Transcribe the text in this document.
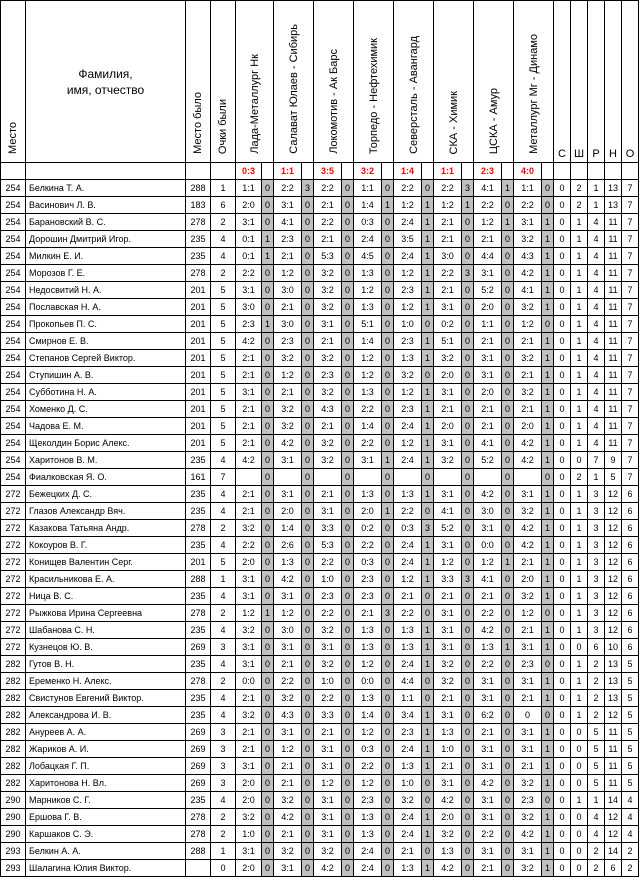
Место	Фамилия,
имя, отчество	Место было	Очки были	Лада-Металлург Нк		Салават Юлаев - Сибирь		Локомотив - Ак Барс		Торпедо - Нефтехимик		Северсталь - Авангард		СКА - Химик		ЦСКА - Амур		Металлург Мг - Динамо		С	Ш	Р	Н	О
				0:3		1:1		3:5		3:2		1:4		1:1		2:3		4:0						
254	Белкина Т. А.	288	1	1:1	0	2:2	3	2:2	0	1:1	0	2:2	0	2:2	3	4:1	1	1:1	0	0	2	1	13	7
254	Васинович Л. В.	183	6	2:0	0	3:1	0	2:1	0	1:4	1	1:2	1	1:2	1	2:2	0	2:2	0	0	2	1	13	7
254	Барановский В. С.	278	2	3:1	0	4:1	0	2:2	0	0:3	0	2:4	1	2:1	0	1:2	1	3:1	1	0	1	4	11	7
254	Дорошин Дмитрий Игор.	235	4	0:1	1	2:3	0	2:1	0	2:4	0	3:5	1	2:1	0	2:1	0	3:2	1	0	1	4	11	7
254	Милкин Е. И.	235	4	0:1	1	2:1	0	5:3	0	4:5	0	2:4	1	3:0	0	4:4	0	4:3	1	0	1	4	11	7
254	Морозов Г. Е.	278	2	2:2	0	1:2	0	3:2	0	1:3	0	1:2	1	2:2	3	3:1	0	4:2	1	0	1	4	11	7
254	Недосвитий Н. А.	201	5	3:1	0	3:0	0	3:2	0	1:2	0	2:3	1	2:1	0	5:2	0	4:1	1	0	1	4	11	7
254	Пославская Н. А.	201	5	3:0	0	2:1	0	3:2	0	1:3	0	1:2	1	3:1	0	2:0	0	3:2	1	0	1	4	11	7
254	Прокопьев П. С.	201	5	2:3	1	3:0	0	3:1	0	5:1	0	1:0	0	0:2	0	1:1	0	1:2	0	0	1	4	11	7
254	Смирнов Е. В.	201	5	4:2	0	2:3	0	2:1	0	1:4	0	2:3	1	5:1	0	2:1	0	2:1	1	0	1	4	11	7
254	Степанов Сергей Виктор.	201	5	2:1	0	3:2	0	3:2	0	1:2	0	1:3	1	3:2	0	3:1	0	3:2	1	0	1	4	11	7
254	Ступишин А. В.	201	5	2:1	0	1:2	0	2:3	0	1:2	0	3:2	0	2:0	0	3:1	0	2:1	1	0	1	4	11	7
254	Субботина Н. А.	201	5	3:1	0	2:1	0	3:2	0	1:3	0	1:2	1	3:1	0	2:0	0	3:2	1	0	1	4	11	7
254	Хоменко Д. С.	201	5	2:1	0	3:2	0	4:3	0	2:2	0	2:3	1	2:1	0	2:1	0	2:1	1	0	1	4	11	7
254	Чадова Е. М.	201	5	2:1	0	3:2	0	2:1	0	1:4	0	2:4	1	2:0	0	2:1	0	2:0	1	0	1	4	11	7
254	Щеколдин Борис Алекс.	201	5	2:1	0	4:2	0	3:2	0	2:2	0	1:2	1	3:1	0	4:1	0	4:2	1	0	1	4	11	7
254	Харитонов В. М.	235	4	4:2	0	3:1	0	3:2	0	3:1	1	2:4	1	3:2	0	5:2	0	4:2	1	0	0	7	9	7
254	Фиалковская Я. О.	161	7		0		0		0		0		0		0		0		0	0	2	1	5	7
272	Бежецких Д. С.	235	4	2:1	0	3:1	0	2:1	0	1:3	0	1:3	1	3:1	0	4:2	0	3:1	1	0	1	3	12	6
272	Глазов Александр Вяч.	235	4	2:1	0	2:0	0	3:1	0	2:0	1	2:2	0	4:1	0	3:0	0	3:2	1	0	1	3	12	6
272	Казакова Татьяна Андр.	278	2	3:2	0	1:4	0	3:3	0	0:2	0	0:3	3	5:2	0	3:1	0	4:2	1	0	1	3	12	6
272	Кокоуров В. Г.	235	4	2:2	0	2:6	0	5:3	0	2:2	0	2:4	1	3:1	0	0:0	0	4:2	1	0	1	3	12	6
272	Конищев Валентин Серг.	201	5	2:0	0	1:3	0	2:2	0	0:3	0	2:4	1	1:2	0	1:2	1	2:1	1	0	1	3	12	6
272	Красильникова Е. А.	288	1	3:1	0	4:2	0	1:0	0	2:3	0	1:2	1	3:3	3	4:1	0	2:0	1	0	1	3	12	6
272	Ница В. С.	235	4	3:1	0	3:1	0	2:3	0	2:3	0	2:1	0	2:1	0	2:1	0	3:2	1	0	1	3	12	6
272	Рыжкова Ирина Сергеевна	278	2	1:2	1	1:2	0	2:2	0	2:1	3	2:2	0	3:1	0	2:2	0	1:2	0	0	1	3	12	6
272	Шабанова С. Н.	235	4	3:2	0	3:0	0	3:2	0	1:3	0	1:3	1	3:1	0	4:2	0	2:1	1	0	1	3	12	6
272	Кузнецов Ю. В.	269	3	3:1	0	3:1	0	3:1	0	1:3	0	1:3	1	3:1	0	1:3	1	3:1	1	0	0	6	10	6
282	Гутов В. Н.	235	4	3:1	0	2:1	0	3:2	0	1:2	0	2:4	1	3:2	0	2:2	0	2:3	0	0	1	2	13	5
282	Еременко Н. Алекс.	278	2	0:0	0	2:2	0	1:0	0	0:0	0	4:4	0	3:2	0	3:1	0	3:1	1	0	1	2	13	5
282	Свистунов Евгений Виктор.	235	4	2:1	0	3:2	0	2:2	0	1:3	0	1:1	0	2:1	0	3:1	0	2:1	1	0	1	2	13	5
282	Александрова И. В.	235	4	3:2	0	4:3	0	3:3	0	1:4	0	3:4	1	3:1	0	6:2	0	0	0	0	1	2	12	5
282	Ануреев А. А.	269	3	2:1	0	3:1	0	2:1	0	1:2	0	2:3	1	1:3	0	2:1	0	3:1	1	0	0	5	11	5
282	Жариков А. И.	269	3	2:1	0	1:2	0	3:1	0	0:3	0	2:4	1	1:0	0	3:1	0	3:1	1	0	0	5	11	5
282	Лобацкая Г. П.	269	3	3:1	0	2:1	0	3:1	0	2:2	0	1:3	1	2:1	0	3:1	0	2:1	1	0	0	5	11	5
282	Харитонова Н. Вл.	269	3	2:0	0	2:1	0	1:2	0	1:2	0	1:0	0	3:1	0	4:2	0	3:2	1	0	0	5	11	5
290	Марников С. Г.	235	4	2:0	0	3:2	0	3:1	0	2:3	0	3:2	0	4:2	0	3:1	0	2:3	0	0	1	1	14	4
290	Ершова Г. В.	278	2	3:2	0	4:2	0	3:1	0	1:3	0	2:4	1	2:0	0	3:1	0	3:2	1	0	0	4	12	4
290	Каршаков С. Э.	278	2	1:0	0	2:1	0	3:1	0	1:3	0	2:4	1	3:2	0	2:2	0	4:2	1	0	0	4	12	4
293	Белкин А. А.	288	1	3:1	0	3:2	0	3:2	0	2:4	0	2:1	0	1:3	0	3:1	0	3:1	1	0	0	2	14	2
293	Шалагина Юлия Виктор.		0	2:0	0	3:1	0	4:2	0	2:4	0	1:3	1	4:2	0	2:1	0	3:2	1	0	0	2	6	2
